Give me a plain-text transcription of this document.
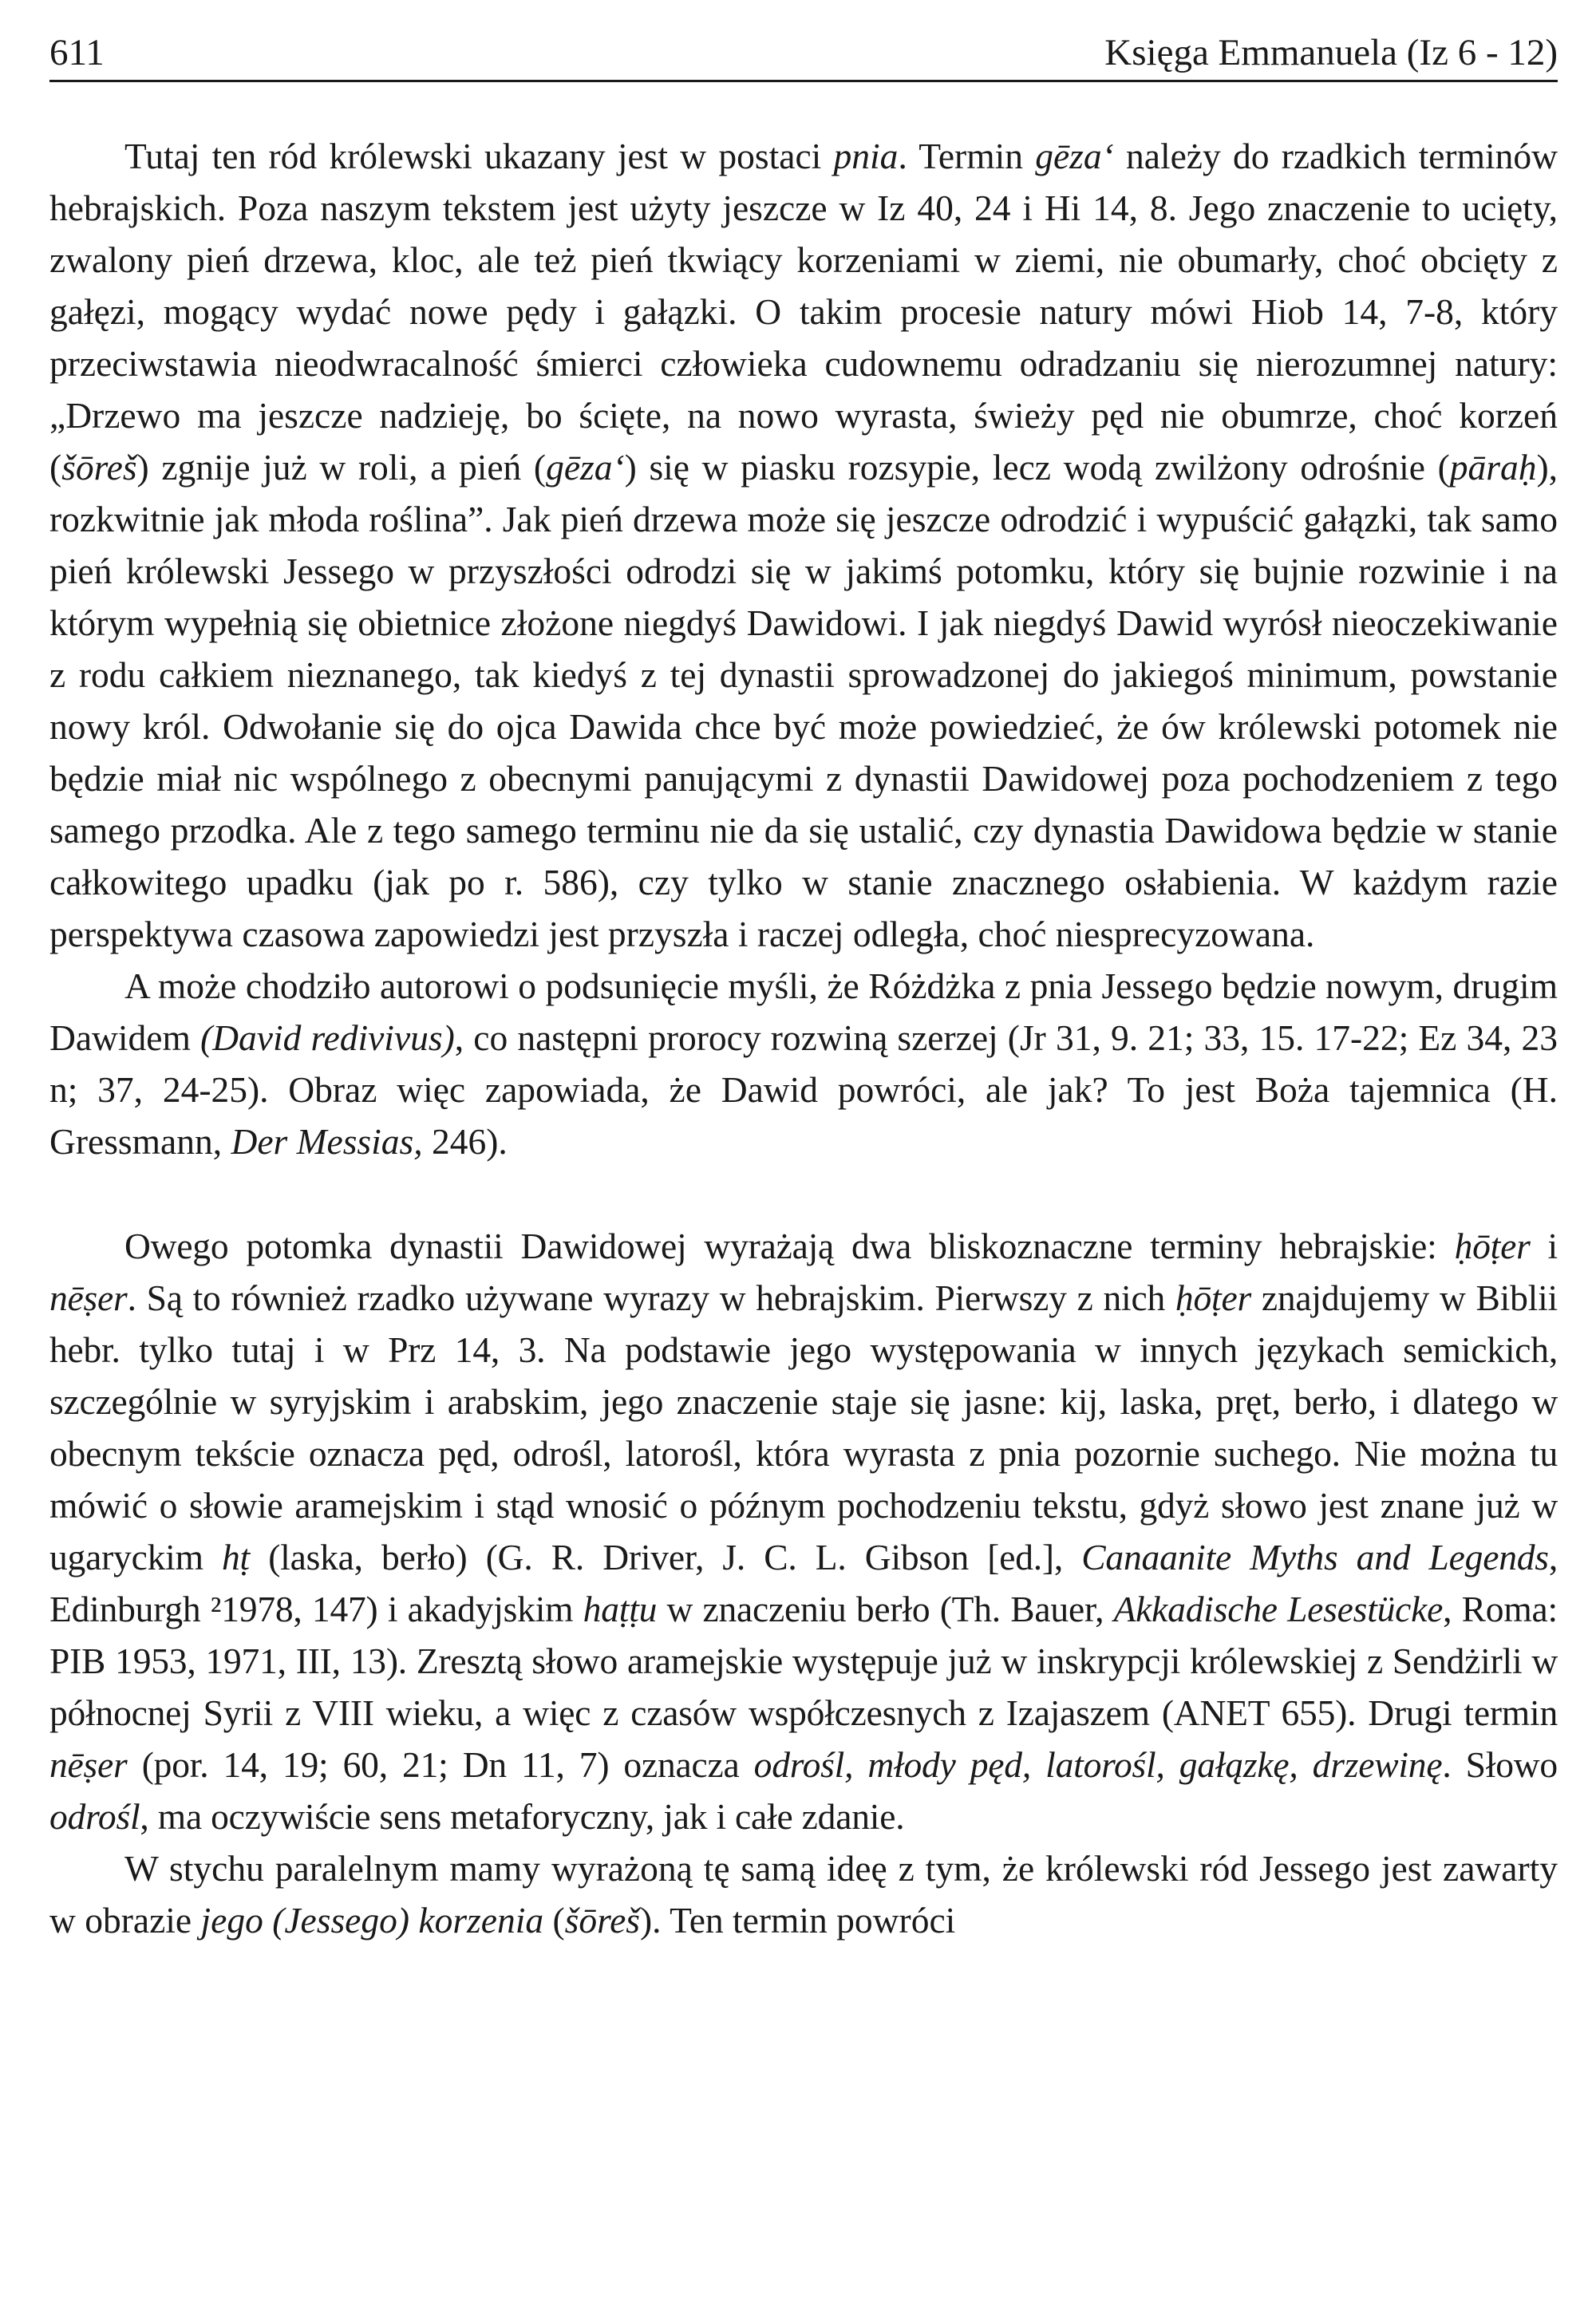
611	Księga Emmanuela (Iz 6 - 12)

Tutaj ten ród królewski ukazany jest w postaci pnia. Termin gēza‘ należy do rzadkich terminów hebrajskich. Poza naszym tekstem jest użyty jeszcze w Iz 40, 24 i Hi 14, 8. Jego znaczenie to ucięty, zwalony pień drzewa, kloc, ale też pień tkwiący korzeniami w ziemi, nie obumarły, choć obcięty z gałęzi, mogący wydać nowe pędy i gałązki. O takim procesie natury mówi Hiob 14, 7-8, który przeciwstawia nieodwracalność śmierci człowieka cudownemu odradzaniu się nierozumnej natury: „Drzewo ma jeszcze nadzieję, bo ścięte, na nowo wyrasta, świeży pęd nie obumrze, choć korzeń (šōreš) zgnije już w roli, a pień (gēza‘) się w piasku rozsypie, lecz wodą zwilżony odrośnie (pāraḥ), rozkwitnie jak młoda roślina”. Jak pień drzewa może się jeszcze odrodzić i wypuścić gałązki, tak samo pień królewski Jessego w przyszłości odrodzi się w jakimś potomku, który się bujnie rozwinie i na którym wypełnią się obietnice złożone niegdyś Dawidowi. I jak niegdyś Dawid wyrósł nieoczekiwanie z rodu całkiem nieznanego, tak kiedyś z tej dynastii sprowadzonej do jakiegoś minimum, powstanie nowy król. Odwołanie się do ojca Dawida chce być może powiedzieć, że ów królewski potomek nie będzie miał nic wspólnego z obecnymi panującymi z dynastii Dawidowej poza pochodzeniem z tego samego przodka. Ale z tego samego terminu nie da się ustalić, czy dynastia Dawidowa będzie w stanie całkowitego upadku (jak po r. 586), czy tylko w stanie znacznego osłabienia. W każdym razie perspektywa czasowa zapowiedzi jest przyszła i raczej odległa, choć niesprecyzowana.

A może chodziło autorowi o podsunięcie myśli, że Różdżka z pnia Jessego będzie nowym, drugim Dawidem (David redivivus), co następni prorocy rozwiną szerzej (Jr 31, 9. 21; 33, 15. 17-22; Ez 34, 23 n; 37, 24-25). Obraz więc zapowiada, że Dawid powróci, ale jak? To jest Boża tajemnica (H. Gressmann, Der Messias, 246).

Owego potomka dynastii Dawidowej wyrażają dwa bliskoznaczne terminy hebrajskie: ḥōṭer i nēṣer. Są to również rzadko używane wyrazy w hebrajskim. Pierwszy z nich ḥōṭer znajdujemy w Biblii hebr. tylko tutaj i w Prz 14, 3. Na podstawie jego występowania w innych językach semickich, szczególnie w syryjskim i arabskim, jego znaczenie staje się jasne: kij, laska, pręt, berło, i dlatego w obecnym tekście oznacza pęd, odrośl, latorośl, która wyrasta z pnia pozornie suchego. Nie można tu mówić o słowie aramejskim i stąd wnosić o późnym pochodzeniu tekstu, gdyż słowo jest znane już w ugaryckim hṭ (laska, berło) (G. R. Driver, J. C. L. Gibson [ed.], Canaanite Myths and Legends, Edinburgh ²1978, 147) i akadyjskim haṭṭu w znaczeniu berło (Th. Bauer, Akkadische Lesestücke, Roma: PIB 1953, 1971, III, 13). Zresztą słowo aramejskie występuje już w inskrypcji królewskiej z Sendżirli w północnej Syrii z VIII wieku, a więc z czasów współczesnych z Izajaszem (ANET 655). Drugi termin nēṣer (por. 14, 19; 60, 21; Dn 11, 7) oznacza odrośl, młody pęd, latorośl, gałązkę, drzewinę. Słowo odrośl, ma oczywiście sens metaforyczny, jak i całe zdanie.

W stychu paralelnym mamy wyrażoną tę samą ideę z tym, że królewski ród Jessego jest zawarty w obrazie jego (Jessego) korzenia (šōreš). Ten termin powróci
